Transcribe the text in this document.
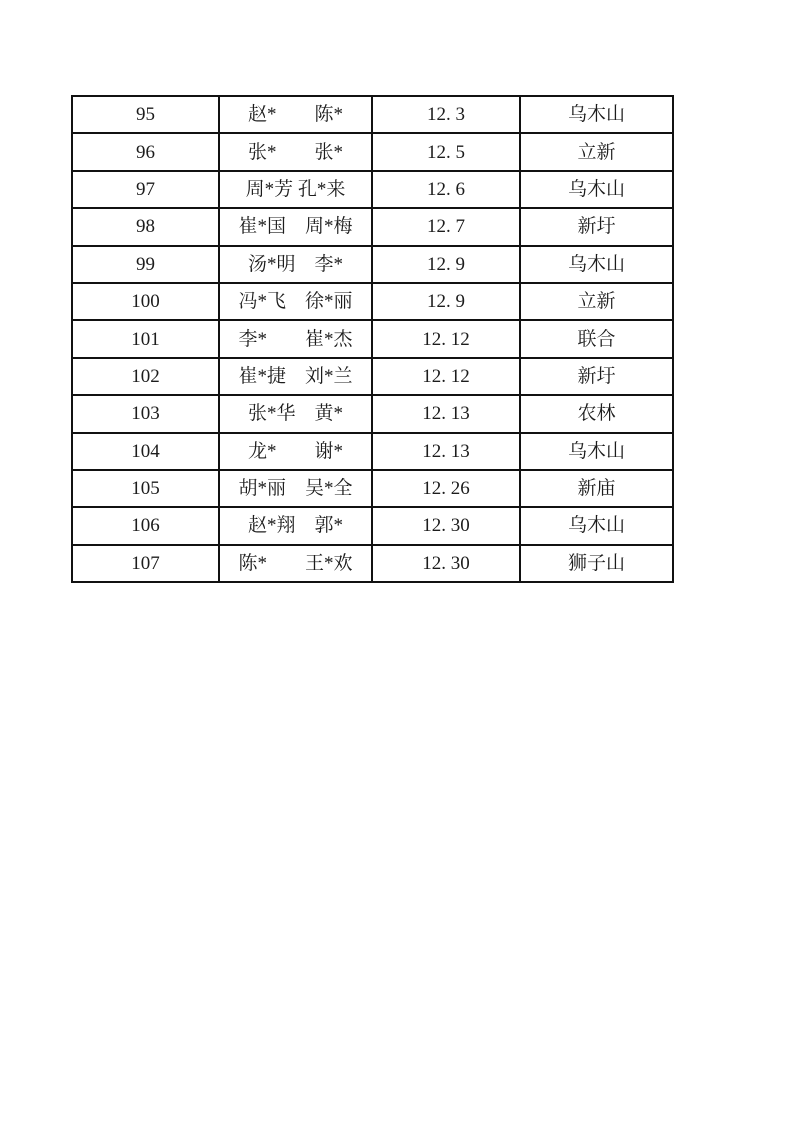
95	赵*　　陈*	12. 3	乌木山
96	张*　　张*	12. 5	立新
97	周*芳 孔*来	12. 6	乌木山
98	崔*国　周*梅	12. 7	新圩
99	汤*明　李*	12. 9	乌木山
100	冯*飞　徐*丽	12. 9	立新
101	李*　　崔*杰	12. 12	联合
102	崔*捷　刘*兰	12. 12	新圩
103	张*华　黄*	12. 13	农林
104	龙*　　谢*	12. 13	乌木山
105	胡*丽　吴*全	12. 26	新庙
106	赵*翔　郭*	12. 30	乌木山
107	陈*　　王*欢	12. 30	狮子山
